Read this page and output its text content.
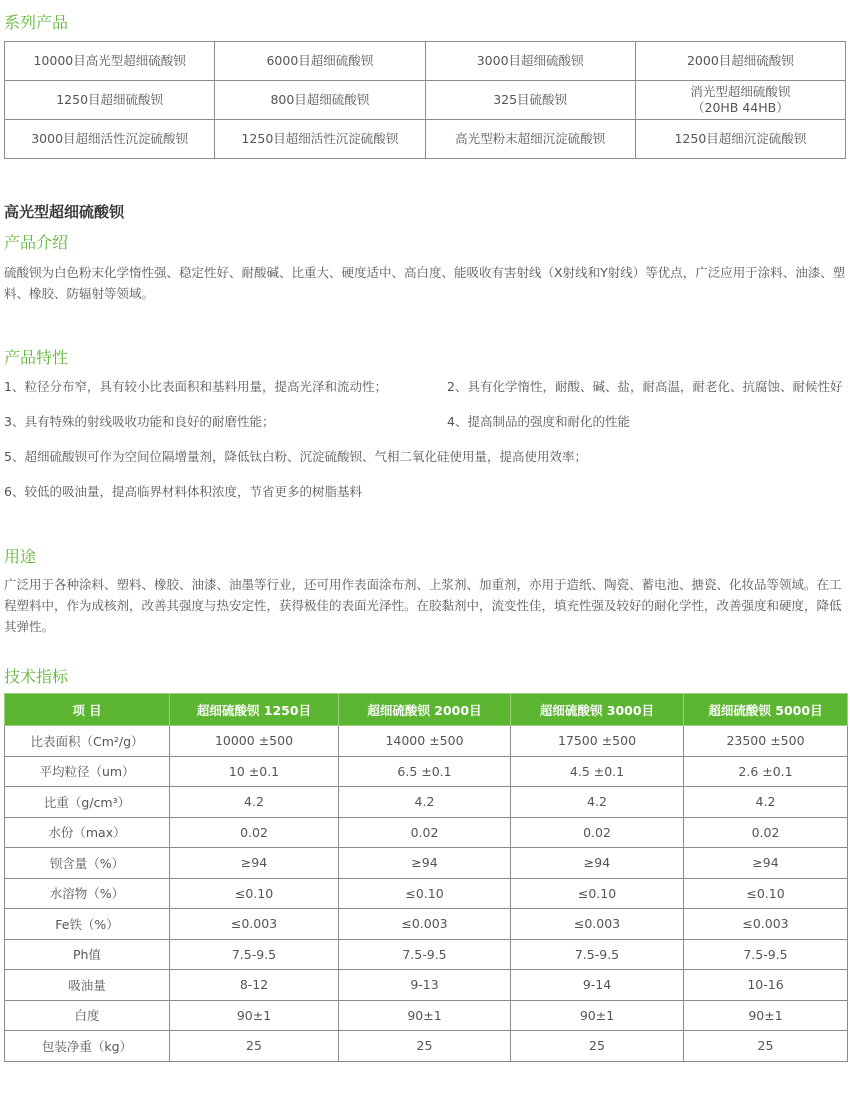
系列产品
10000目高光型超细硫酸钡	6000目超细硫酸钡	3000目超细硫酸钡	2000目超细硫酸钡
1250目超细硫酸钡	800目超细硫酸钡	325目硫酸钡	消光型超细硫酸钡
（20HB 44HB）
3000目超细活性沉淀硫酸钡	1250目超细活性沉淀硫酸钡	高光型粉末超细沉淀硫酸钡	1250目超细沉淀硫酸钡
高光型超细硫酸钡
产品介绍
硫酸钡为白色粉末化学惰性强、稳定性好、耐酸碱、比重大、硬度适中、高白度、能吸收有害射线（X射线和Y射线）等优点，广泛应用于涂料、油漆、塑料、橡胶、防辐射等领域。
产品特性
1、粒径分布窄，具有较小比表面积和基料用量，提高光泽和流动性；	2、具有化学惰性，耐酸、碱、盐，耐高温，耐老化、抗腐蚀、耐候性好
3、具有特殊的射线吸收功能和良好的耐磨性能；	4、提高制品的强度和耐化的性能
5、超细硫酸钡可作为空间位隔增量剂，降低钛白粉、沉淀硫酸钡、气相二氧化硅使用量，提高使用效率；
6、较低的吸油量，提高临界材料体积浓度，节省更多的树脂基料
用途
广泛用于各种涂料、塑料、橡胶、油漆、油墨等行业，还可用作表面涂布剂、上浆剂、加重剂，亦用于造纸、陶瓷、蓄电池、搪瓷、化妆品等领域。在工程塑料中，作为成核剂，改善其强度与热安定性，获得极佳的表面光泽性。在胶黏剂中，流变性佳，填充性强及较好的耐化学性，改善强度和硬度，降低其弹性。
技术指标
项 目	超细硫酸钡 1250目	超细硫酸钡 2000目	超细硫酸钡 3000目	超细硫酸钡 5000目
比表面积（Cm²/g）	10000 ±500	14000 ±500	17500 ±500	23500 ±500
平均粒径（um）	10 ±0.1	6.5 ±0.1	4.5 ±0.1	2.6 ±0.1
比重（g/cm³）	4.2	4.2	4.2	4.2
水份（max）	0.02	0.02	0.02	0.02
钡含量（%）	≥94	≥94	≥94	≥94
水溶物（%）	≤0.10	≤0.10	≤0.10	≤0.10
Fe铁（%）	≤0.003	≤0.003	≤0.003	≤0.003
Ph值	7.5-9.5	7.5-9.5	7.5-9.5	7.5-9.5
吸油量	8-12	9-13	9-14	10-16
白度	90±1	90±1	90±1	90±1
包装净重（kg）	25	25	25	25
